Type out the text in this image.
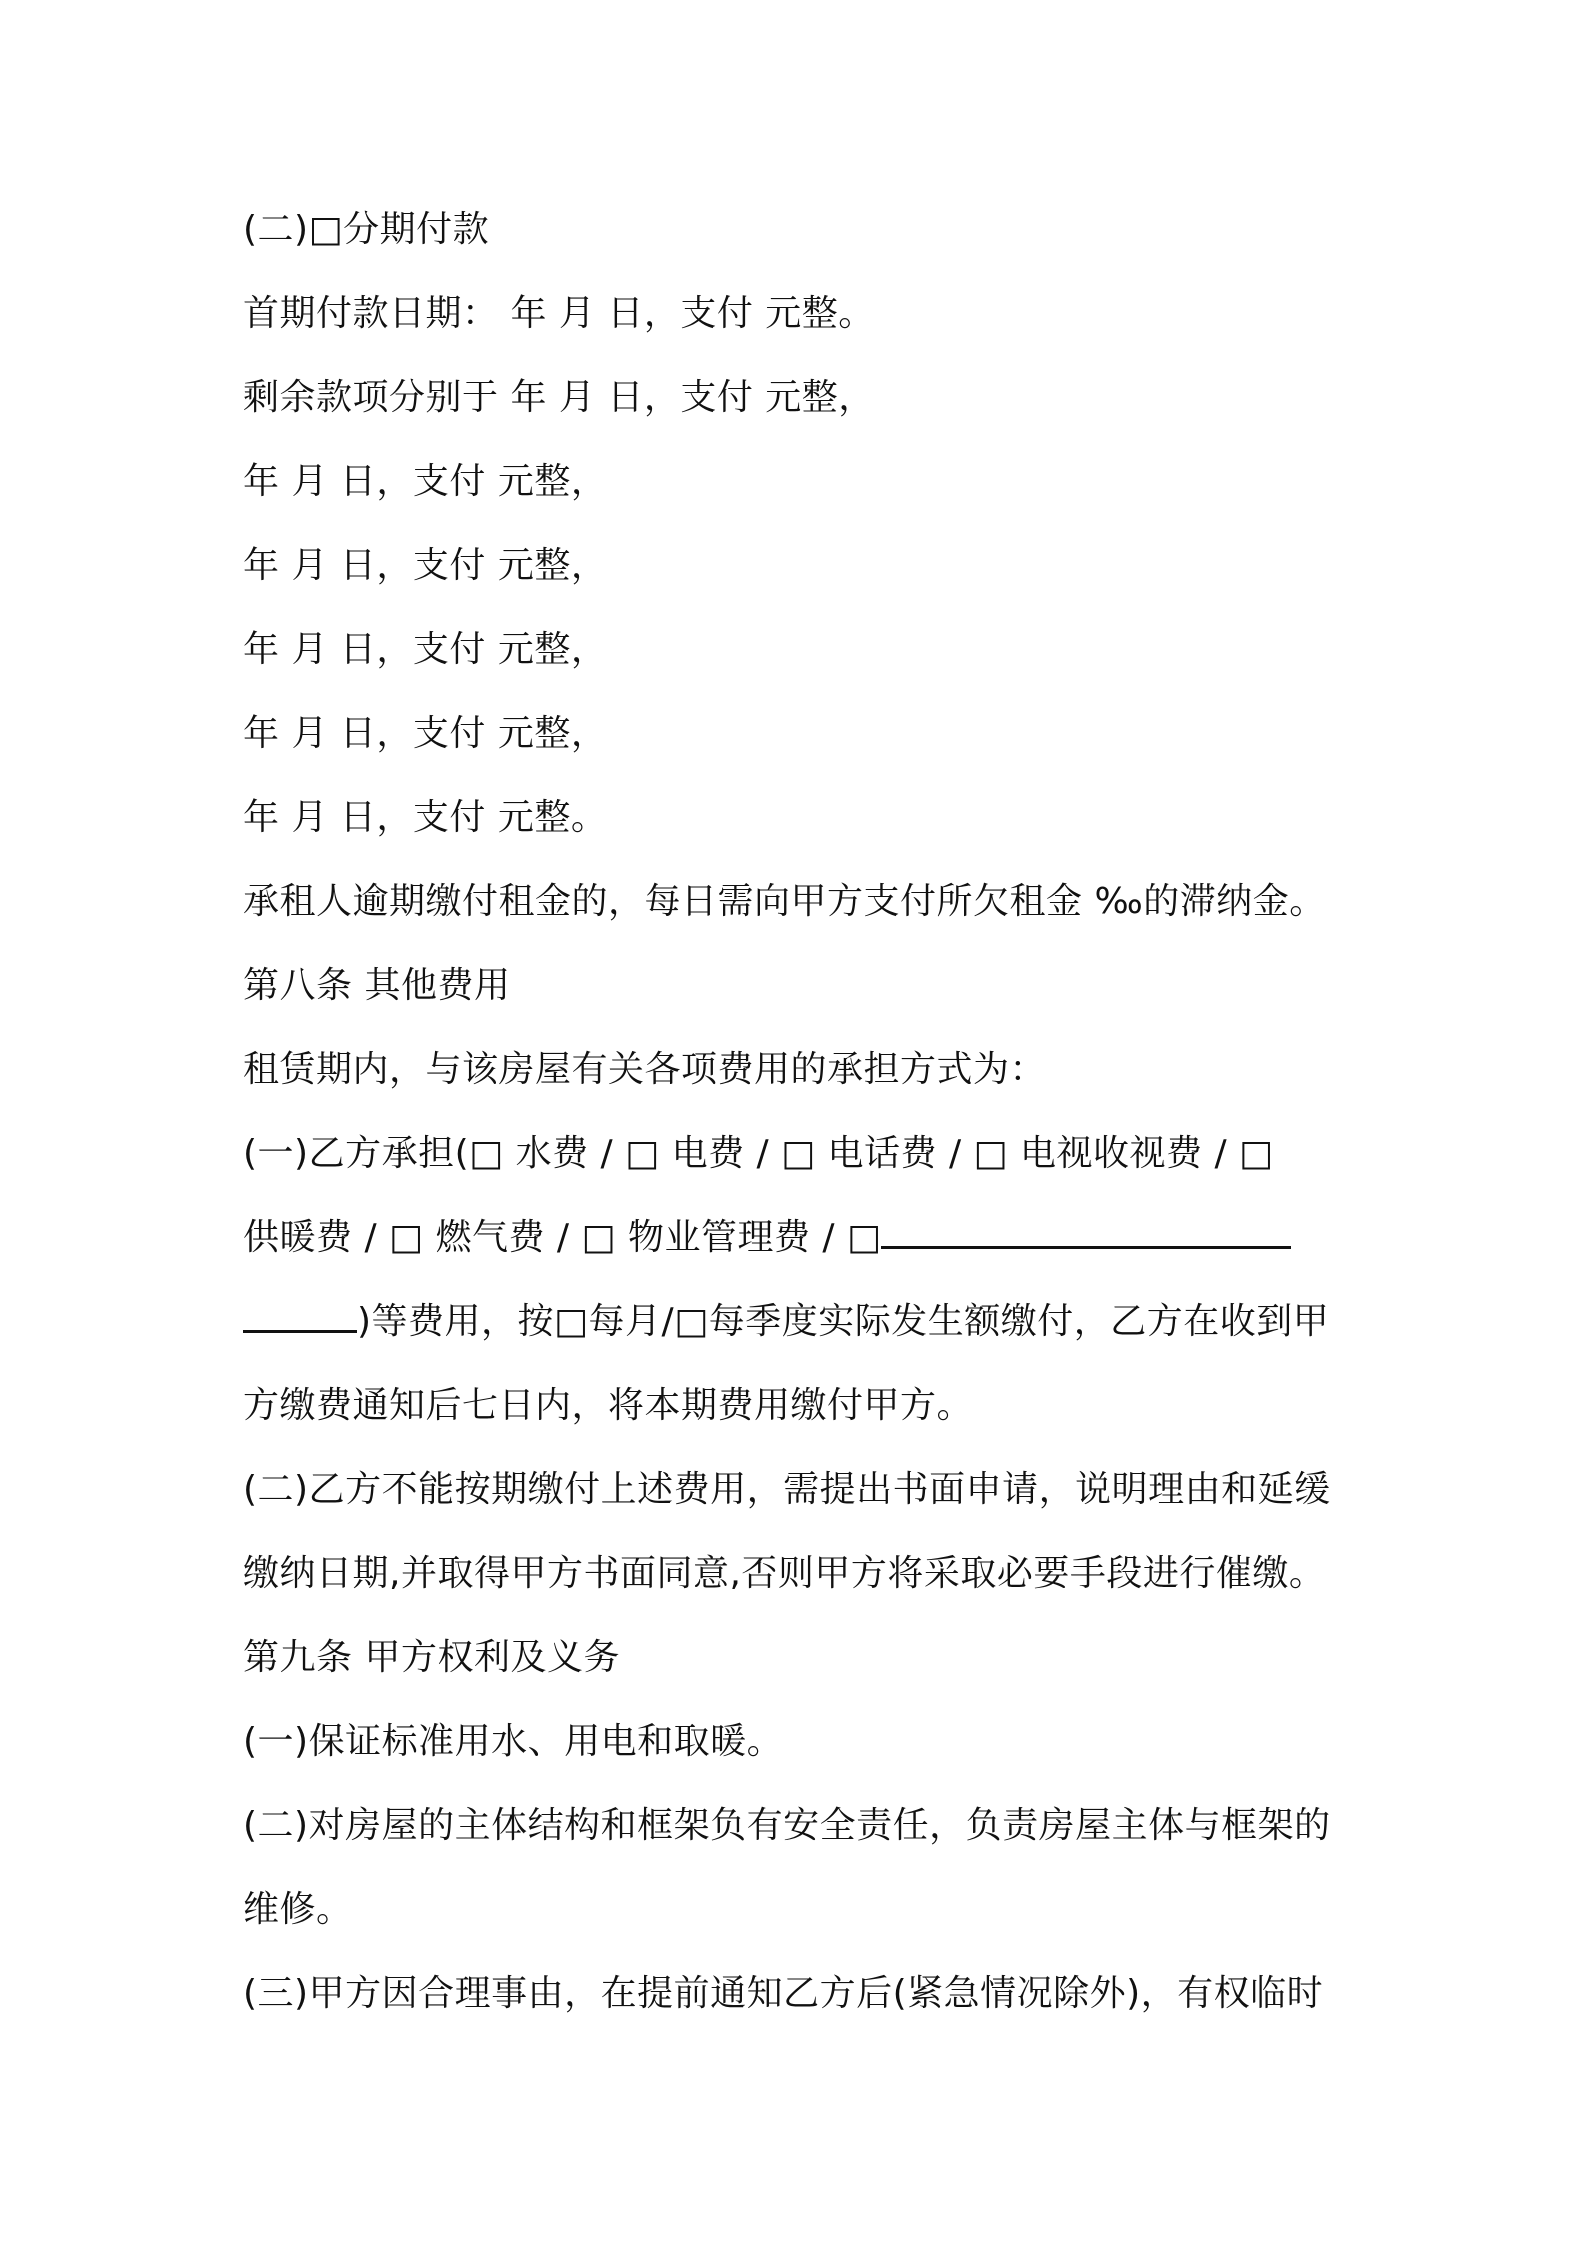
(二)□分期付款
首期付款日期： 年 月 日，支付 元整。
剩余款项分别于 年 月 日，支付 元整，
年 月 日，支付 元整，
年 月 日，支付 元整，
年 月 日，支付 元整，
年 月 日，支付 元整，
年 月 日，支付 元整。
承租人逾期缴付租金的，每日需向甲方支付所欠租金 ‰的滞纳金。
第八条 其他费用
租赁期内，与该房屋有关各项费用的承担方式为：
(一)乙方承担(□ 水费 / □ 电费 / □ 电话费 / □ 电视收视费 / □
供暖费 / □ 燃气费 / □ 物业管理费 / □
)等费用，按□每月/□每季度实际发生额缴付，乙方在收到甲
方缴费通知后七日内，将本期费用缴付甲方。
(二)乙方不能按期缴付上述费用，需提出书面申请，说明理由和延缓
缴纳日期,并取得甲方书面同意,否则甲方将采取必要手段进行催缴。
第九条 甲方权利及义务
(一)保证标准用水、用电和取暖。
(二)对房屋的主体结构和框架负有安全责任，负责房屋主体与框架的
维修。
(三)甲方因合理事由，在提前通知乙方后(紧急情况除外)，有权临时
